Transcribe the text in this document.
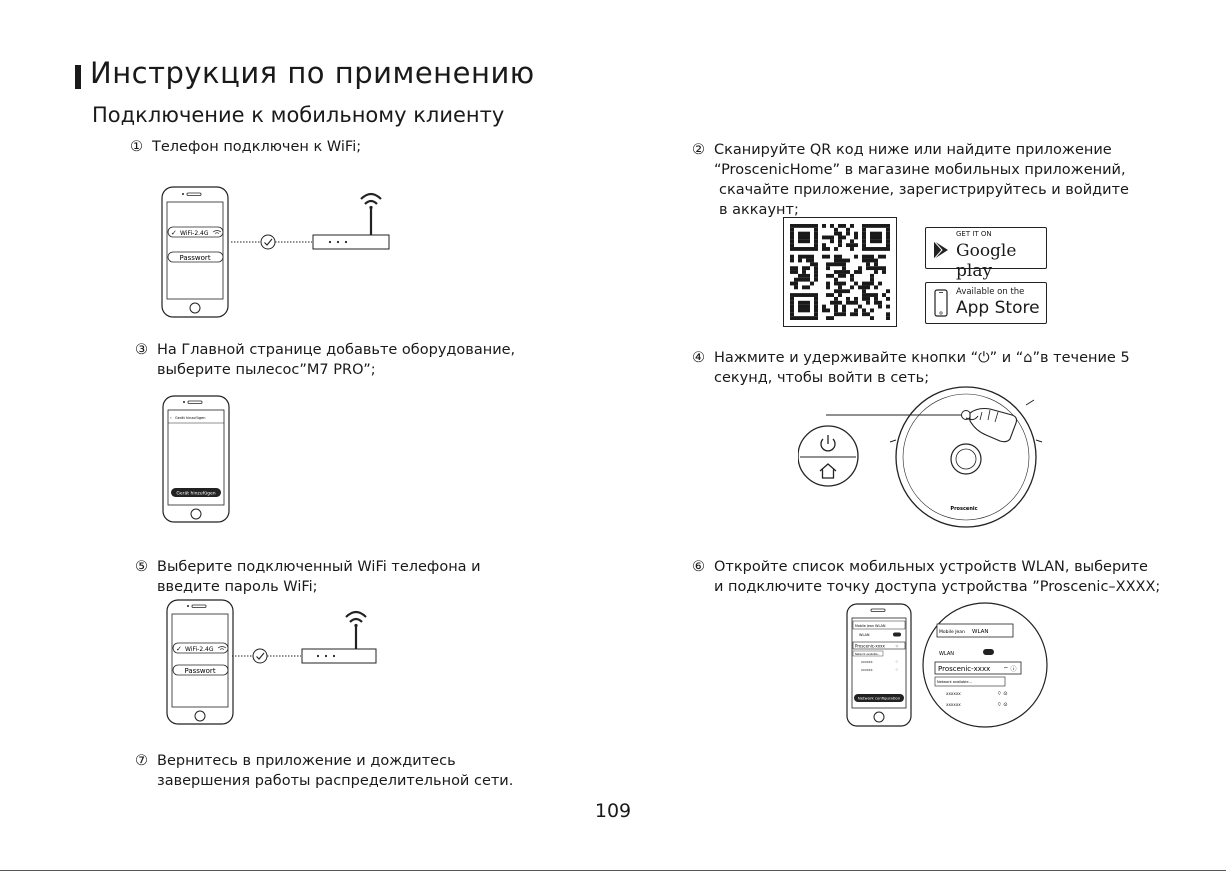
Инструкция по применению
Подключение к мобильному клиенту
① Телефон подключен к WiFi;	② Сканируйте QR код ниже или найдите приложение
“ProscenicHome” в магазине мобильных приложений,
скачайте приложение, зарегистрируйтесь и войдите
в аккаунт;
③ На Главной странице добавьте оборудование,
выберите пылесос”M7 PRO”;
④ Нажмите и удерживайте кнопки “⏻” и “⌂”в течение 5
секунд, чтобы войти в сеть;
⑤ Выберите подключенный WiFi телефона и
введите пароль WiFi;
⑥ Откройте список мобильных устройств WLAN, выберите
и подключите точку доступа устройства ”Proscenic–XXXX;
⑦ Вернитесь в приложение и дождитесь
завершения работы распределительной сети.
✓ WiFi-2.4G
Passwort
GET IT ON
Google play
Available on the
App Store
‹ Gerät hinzufügen
Gerät hinzufügen
Proscenic
✓ WiFi-2.4G
Passwort
Mobile Jean WLAN
WLAN
Proscenic-xxxx	⌔
Network available...
XXXXXX
XXXXXX
⌔
⌔
Network configuration
Mobile Jean WLAN
WLAN
Proscenic-xxxx ⌔ ⓘ
Network available...
XXXXXX
XXXXXX
⌔ ⊙
⌔ ⊙
109
